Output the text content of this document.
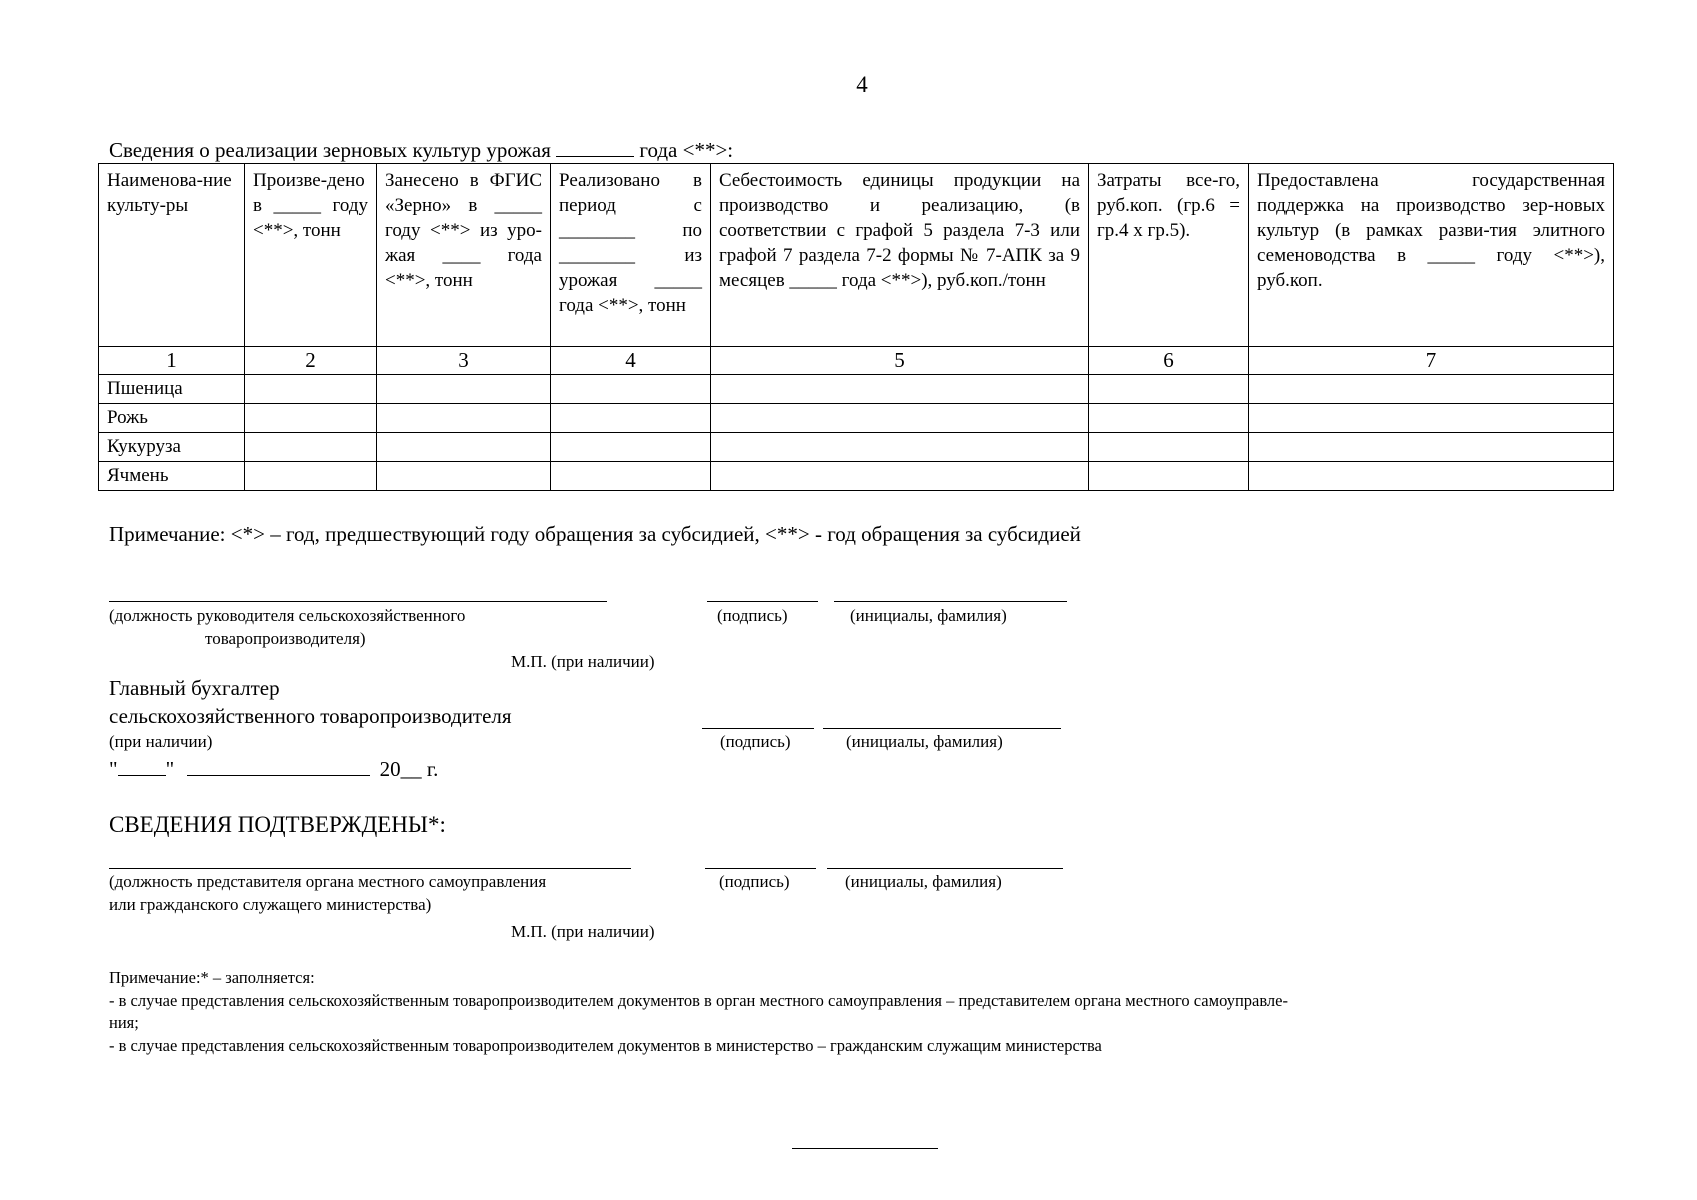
4
Сведения о реализации зерновых культур урожая	года <**>:
Наименова-ние культу-ры	Произве-дено в _____ году <**>, тонн	Занесено в ФГИС «Зерно» в _____ году <**> из уро-жая ____ года <**>, тонн	Реализовано в период с ________ по ________ из урожая _____ года <**>, тонн	Себестоимость единицы продукции на производство и реализацию, (в соответствии с графой 5 раздела 7-3 или графой 7 раздела 7-2 формы № 7-АПК за 9 месяцев _____ года <**>), руб.коп./тонн	Затраты все-го, руб.коп. (гр.6 = гр.4 х гр.5).	Предоставлена государственная поддержка на производство зер-новых культур (в рамках разви-тия элитного семеноводства в _____ году <**>), руб.коп.
1	2	3	4	5	6	7
Пшеница						
Рожь						
Кукуруза						
Ячмень						
Примечание: <*> – год, предшествующий году обращения за субсидией, <**> - год обращения за субсидией
(должность руководителя сельскохозяйственного
товаропроизводителя)
(подпись)	(инициалы, фамилия)
М.П. (при наличии)
Главный бухгалтер
сельскохозяйственного товаропроизводителя
(при наличии)	(подпись)	(инициалы, фамилия)
" "	20__ г.
СВЕДЕНИЯ ПОДТВЕРЖДЕНЫ*:
(должность представителя органа местного самоуправления
или гражданского служащего министерства)
(подпись)	(инициалы, фамилия)
М.П. (при наличии)
Примечание:* – заполняется:
- в случае представления сельскохозяйственным товаропроизводителем документов в орган местного самоуправления – представителем органа местного самоуправле-
ния;
- в случае представления сельскохозяйственным товаропроизводителем документов в министерство – гражданским служащим министерства
